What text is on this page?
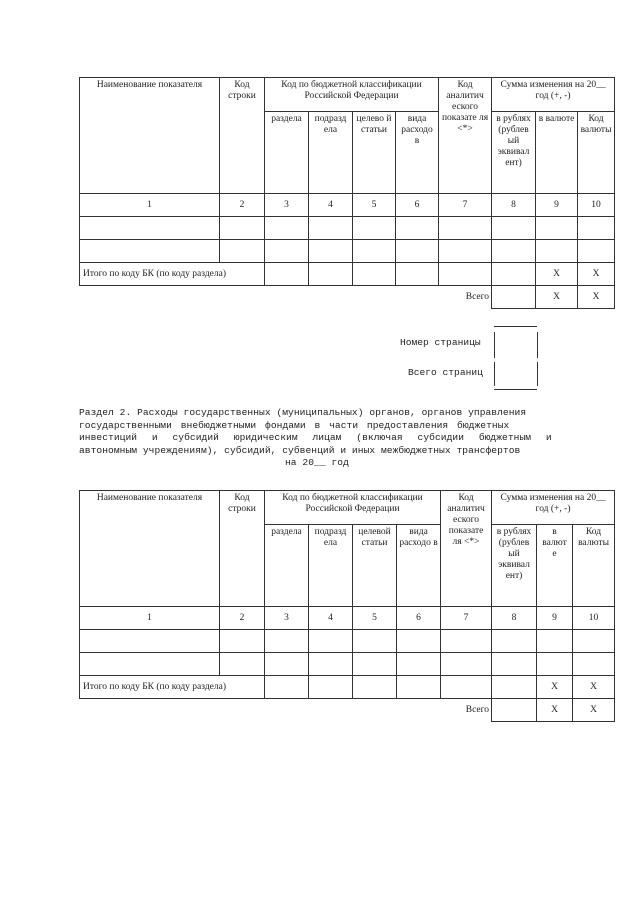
Наименование показателя	Код строки	Код по бюджетной классификации Российской Федерации				Код аналитич еского показате ля <*>	Сумма изменения на 20__ год (+, -)		
		раздела	подразд ела	целево й статьи	вида расходо в		в рублях (рублев ый эквивал ент)	в валюте	Код валюты
1	2	3	4	5	6	7	8	9	10

Итого по коду БК (по коду раздела)								X	X
						Всего		X	X
Номер страницы
Всего страниц
Раздел 2. Расходы государственных (муниципальных) органов, органов управления
государственными внебюджетными фондами в части предоставления бюджетных
инвестиций и субсидий юридическим лицам (включая субсидии бюджетным и
автономным учреждениям), субсидий, субвенций и иных межбюджетных трансфертов
на 20__ год
Наименование показателя	Код строки	Код по бюджетной классификации Российской Федерации				Код аналитич еского показате ля <*>	Сумма изменения на 20__ год (+, -)		
		раздела	подразд ела	целевой статьи	вида расходо в		в рублях (рублев ый эквивал ент)	в валют е	Код валюты
1	2	3	4	5	6	7	8	9	10

Итого по коду БК (по коду раздела)								X	X
						Всего		X	X
